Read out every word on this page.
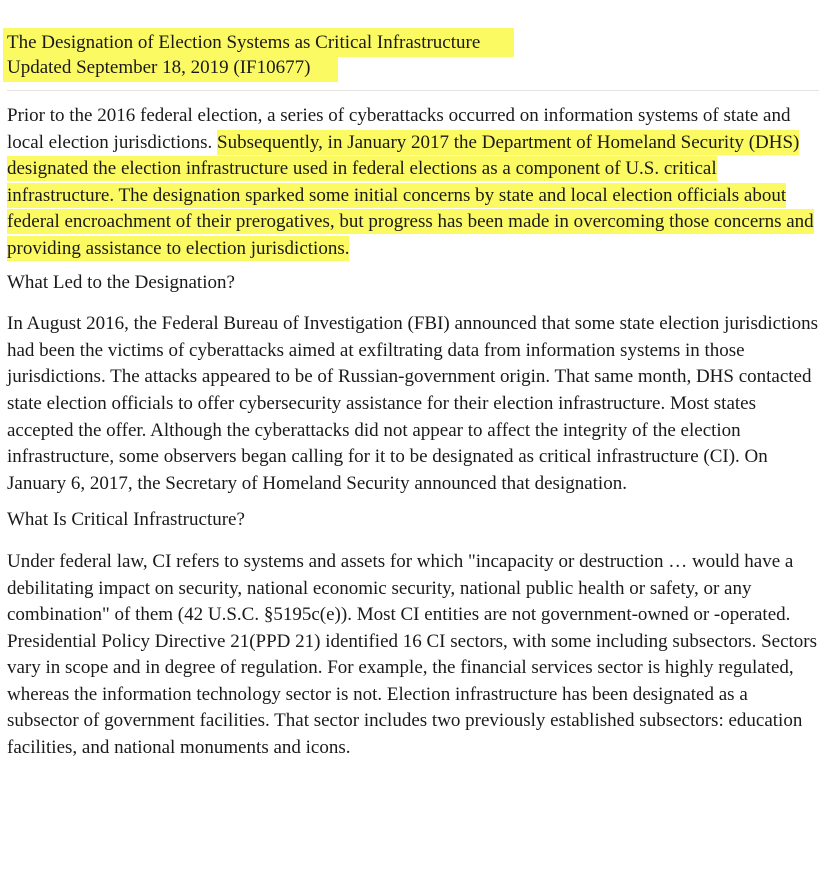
The Designation of Election Systems as Critical Infrastructure
Updated September 18, 2019 (IF10677)

Prior to the 2016 federal election, a series of cyberattacks occurred on information systems of state and local election jurisdictions. Subsequently, in January 2017 the Department of Homeland Security (DHS) designated the election infrastructure used in federal elections as a component of U.S. critical infrastructure. The designation sparked some initial concerns by state and local election officials about federal encroachment of their prerogatives, but progress has been made in overcoming those concerns and providing assistance to election jurisdictions.

What Led to the Designation?

In August 2016, the Federal Bureau of Investigation (FBI) announced that some state election jurisdictions had been the victims of cyberattacks aimed at exfiltrating data from information systems in those jurisdictions. The attacks appeared to be of Russian-government origin. That same month, DHS contacted state election officials to offer cybersecurity assistance for their election infrastructure. Most states accepted the offer. Although the cyberattacks did not appear to affect the integrity of the election infrastructure, some observers began calling for it to be designated as critical infrastructure (CI). On January 6, 2017, the Secretary of Homeland Security announced that designation.

What Is Critical Infrastructure?

Under federal law, CI refers to systems and assets for which "incapacity or destruction … would have a debilitating impact on security, national economic security, national public health or safety, or any combination" of them (42 U.S.C. §5195c(e)). Most CI entities are not government-owned or -operated. Presidential Policy Directive 21(PPD 21) identified 16 CI sectors, with some including subsectors. Sectors vary in scope and in degree of regulation. For example, the financial services sector is highly regulated, whereas the information technology sector is not. Election infrastructure has been designated as a subsector of government facilities. That sector includes two previously established subsectors: education facilities, and national monuments and icons.
